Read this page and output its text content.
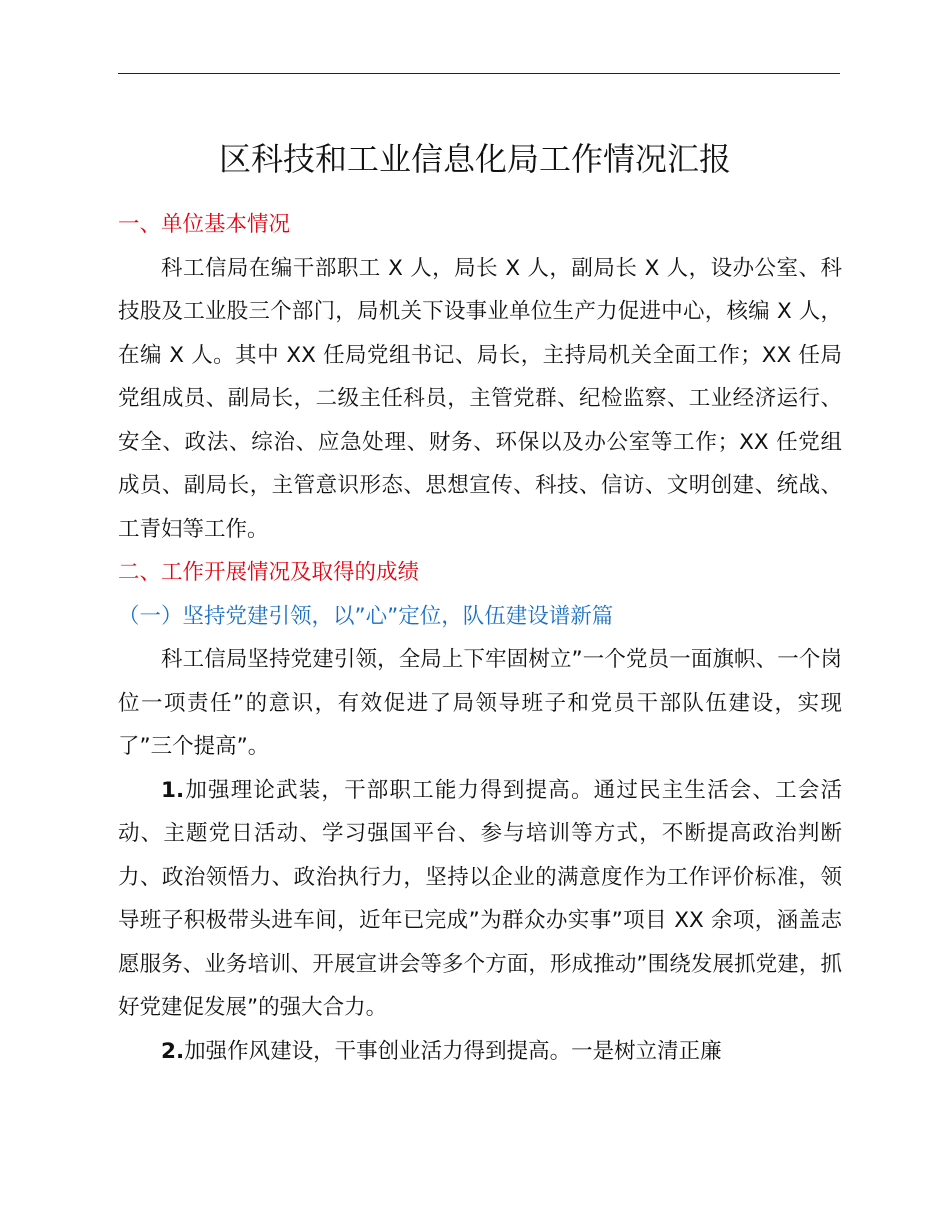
区科技和工业信息化局工作情况汇报

一、单位基本情况

科工信局在编干部职工 X 人，局长 X 人，副局长 X 人，设办公室、科技股及工业股三个部门，局机关下设事业单位生产力促进中心，核编 X 人，在编 X 人。其中 XX 任局党组书记、局长，主持局机关全面工作；XX 任局党组成员、副局长，二级主任科员，主管党群、纪检监察、工业经济运行、安全、政法、综治、应急处理、财务、环保以及办公室等工作；XX 任党组成员、副局长，主管意识形态、思想宣传、科技、信访、文明创建、统战、工青妇等工作。

二、工作开展情况及取得的成绩

（一）坚持党建引领，以”心”定位，队伍建设谱新篇

科工信局坚持党建引领，全局上下牢固树立”一个党员一面旗帜、一个岗位一项责任”的意识，有效促进了局领导班子和党员干部队伍建设，实现了”三个提高”。

1.加强理论武装，干部职工能力得到提高。通过民主生活会、工会活动、主题党日活动、学习强国平台、参与培训等方式，不断提高政治判断力、政治领悟力、政治执行力，坚持以企业的满意度作为工作评价标准，领导班子积极带头进车间，近年已完成”为群众办实事”项目 XX 余项，涵盖志愿服务、业务培训、开展宣讲会等多个方面，形成推动”围绕发展抓党建，抓好党建促发展”的强大合力。

2.加强作风建设，干事创业活力得到提高。一是树立清正廉
